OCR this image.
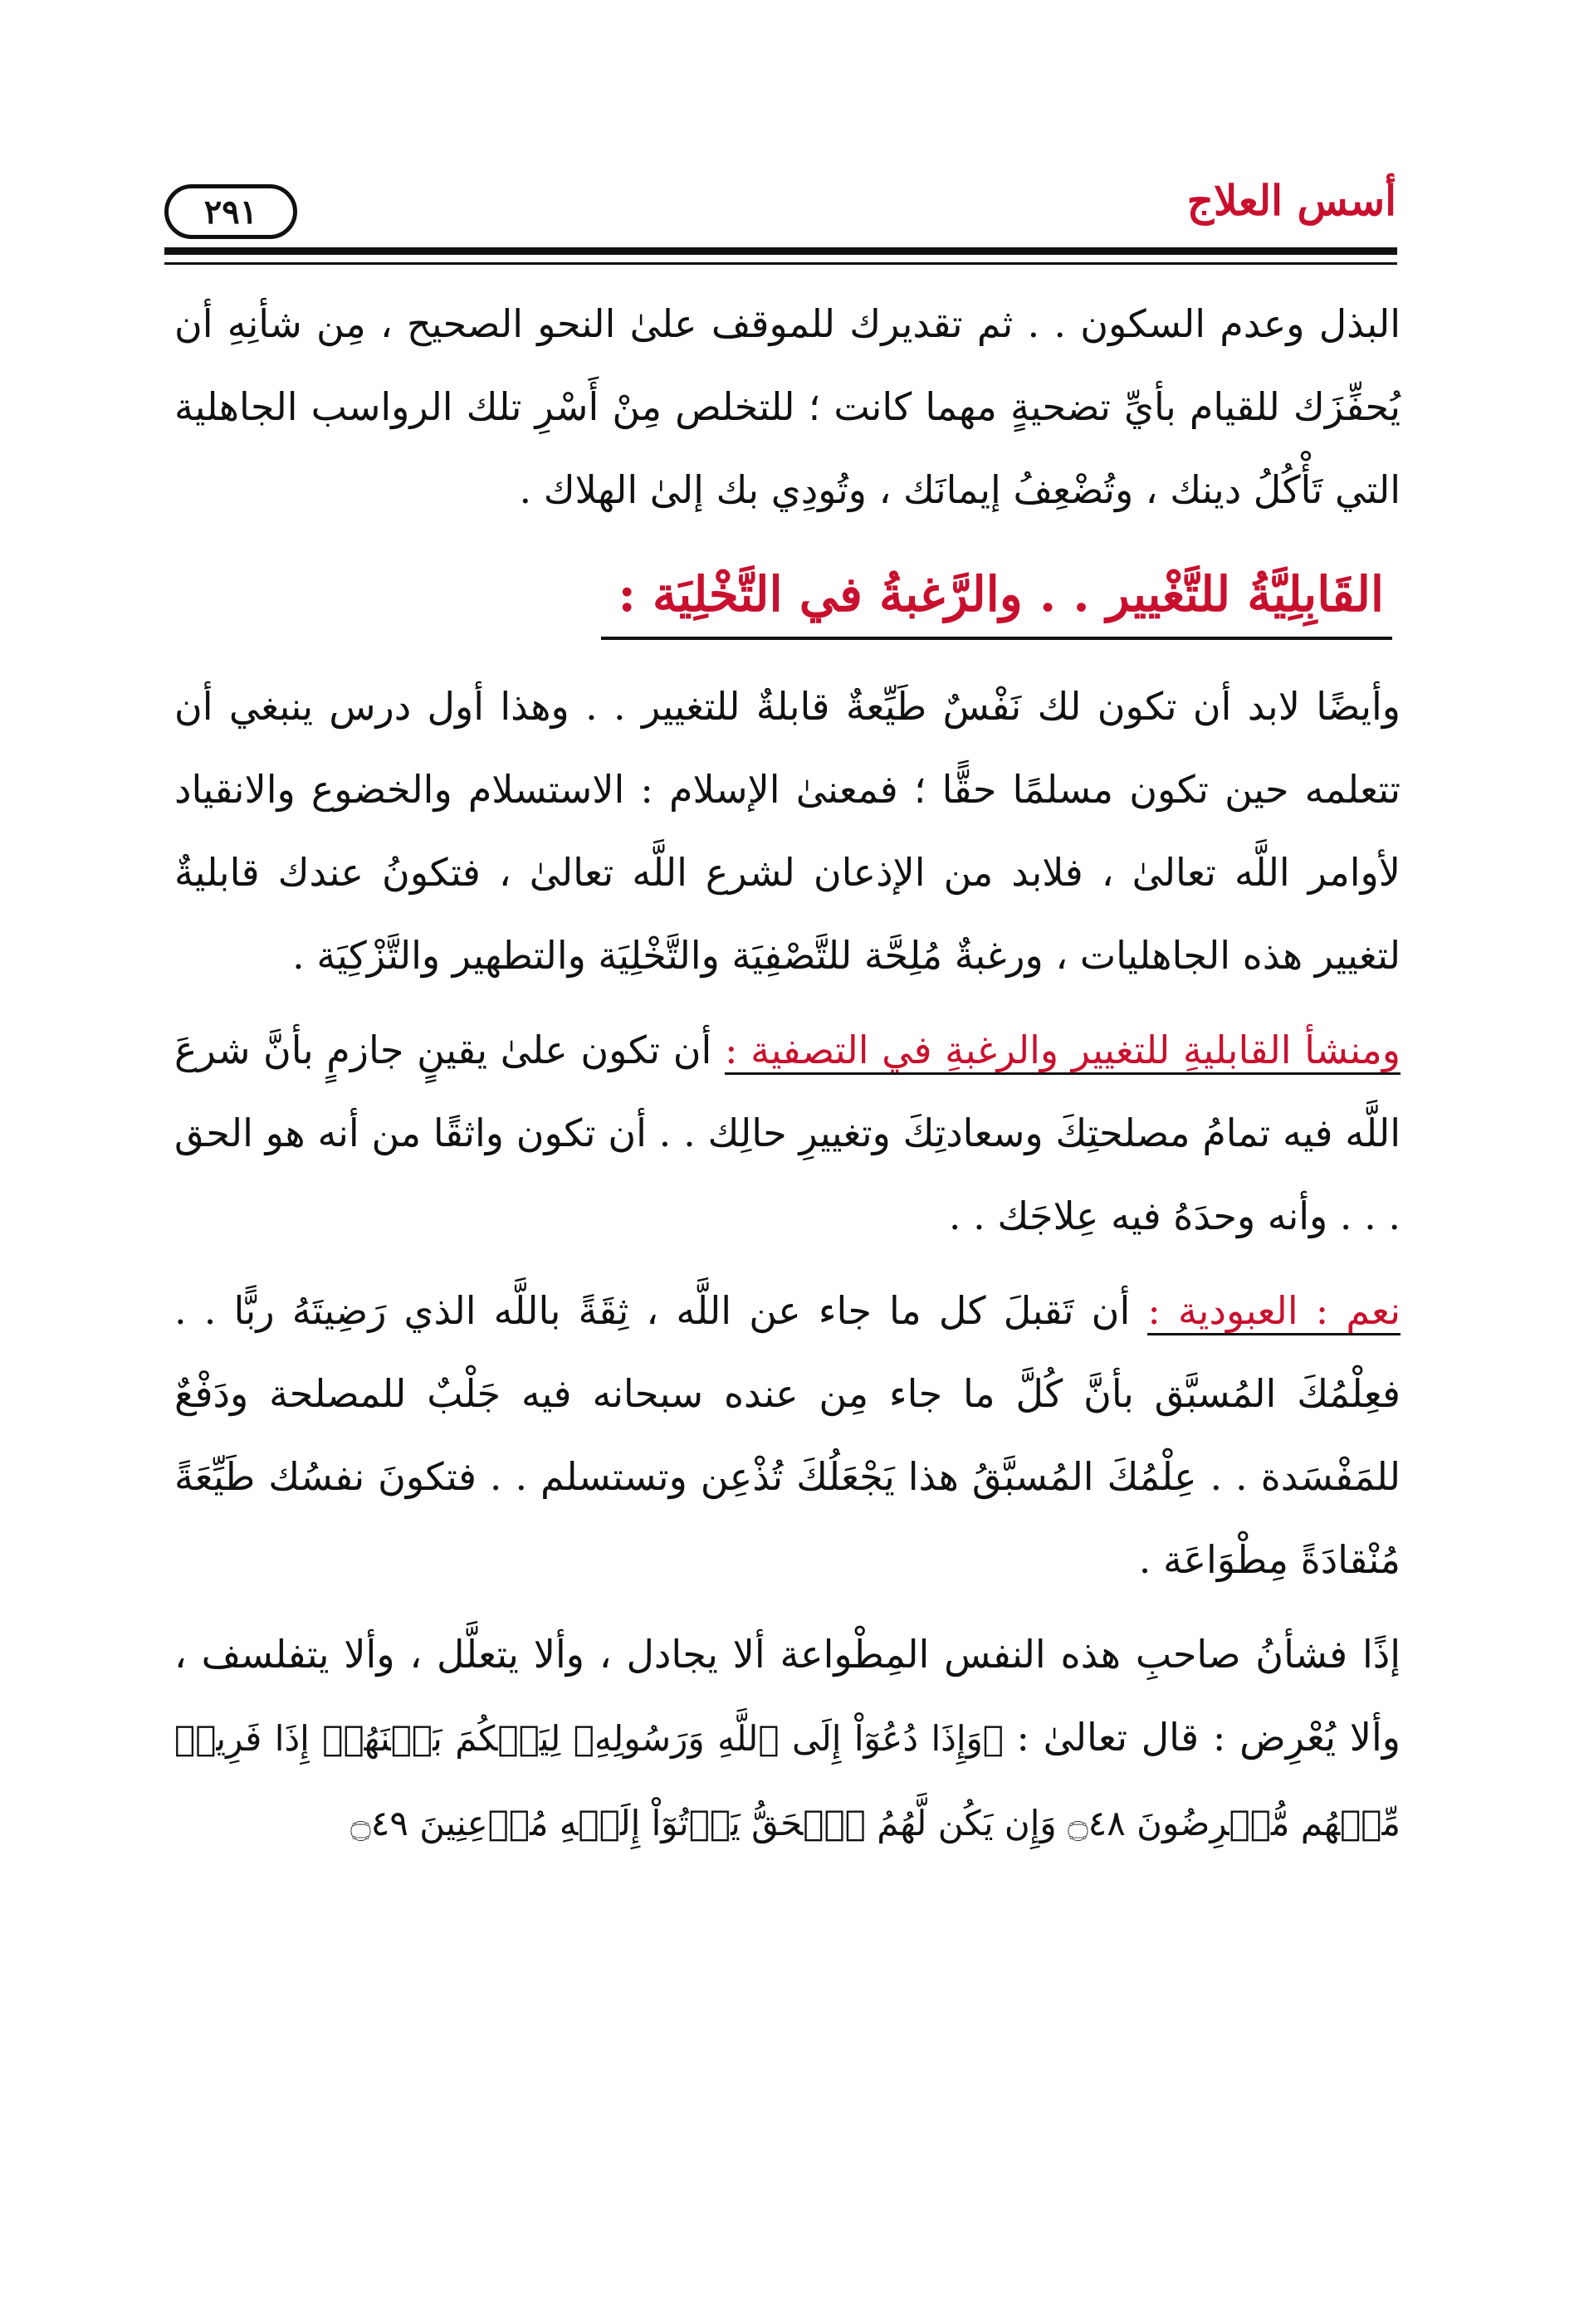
أسس العلاج
٢٩١

البذل وعدم السكون . . ثم تقديرك للموقف علىٰ النحو الصحيح ، مِن شأنِهِ أن يُحفِّزَك للقيام بأيِّ تضحيةٍ مهما كانت ؛ للتخلص مِنْ أَسْرِ تلك الرواسب الجاهلية التي تَأْكُلُ دينك ، وتُضْعِفُ إيمانَك ، وتُودِي بك إلىٰ الهلاك .

القَابِلِيَّةُ للتَّغْيير . . والرَّغبةُ في التَّخْلِيَة :

وأيضًا لابد أن تكون لك نَفْسٌ طَيِّعةٌ قابلةٌ للتغيير . . وهذا أول درس ينبغي أن تتعلمه حين تكون مسلمًا حقًّا ؛ فمعنىٰ الإسلام : الاستسلام والخضوع والانقياد لأوامر اللَّه تعالىٰ ، فلابد من الإذعان لشرع اللَّه تعالىٰ ، فتكونُ عندك قابليةٌ لتغيير هذه الجاهليات ، ورغبةٌ مُلِحَّة للتَّصْفِيَة والتَّخْلِيَة والتطهير والتَّزْكِيَة .

ومنشأ القابليةِ للتغيير والرغبةِ في التصفية : أن تكون علىٰ يقينٍ جازمٍ بأنَّ شرعَ اللَّه فيه تمامُ مصلحتِكَ وسعادتِكَ وتغييرِ حالِك . . أن تكون واثقًا من أنه هو الحق . . . وأنه وحدَهُ فيه عِلاجَك . .

نعم : العبودية : أن تَقبلَ كل ما جاء عن اللَّه ، ثِقَةً باللَّه الذي رَضِيتَهُ ربًّا . . فعِلْمُكَ المُسبَّق بأنَّ كُلَّ ما جاء مِن عنده سبحانه فيه جَلْبٌ للمصلحة ودَفْعٌ للمَفْسَدة . . عِلْمُكَ المُسبَّقُ هذا يَجْعَلُكَ تُذْعِن وتستسلم . . فتكونَ نفسُك طَيِّعَةً مُنْقادَةً مِطْوَاعَة .

إذًا فشأنُ صاحبِ هذه النفس المِطْواعة ألا يجادل ، وألا يتعلَّل ، وألا يتفلسف ، وألا يُعْرِض : قال تعالىٰ : ﴿وَإِذَا دُعُوٓاْ إِلَى ٱللَّهِ وَرَسُولِهِۦ لِيَحۡكُمَ بَيۡنَهُمۡ إِذَا فَرِيقٞ مِّنۡهُم مُّعۡرِضُونَ ۝٤٨ وَإِن يَكُن لَّهُمُ ٱلۡحَقُّ يَأۡتُوٓاْ إِلَيۡهِ مُذۡعِنِينَ ۝٤٩
